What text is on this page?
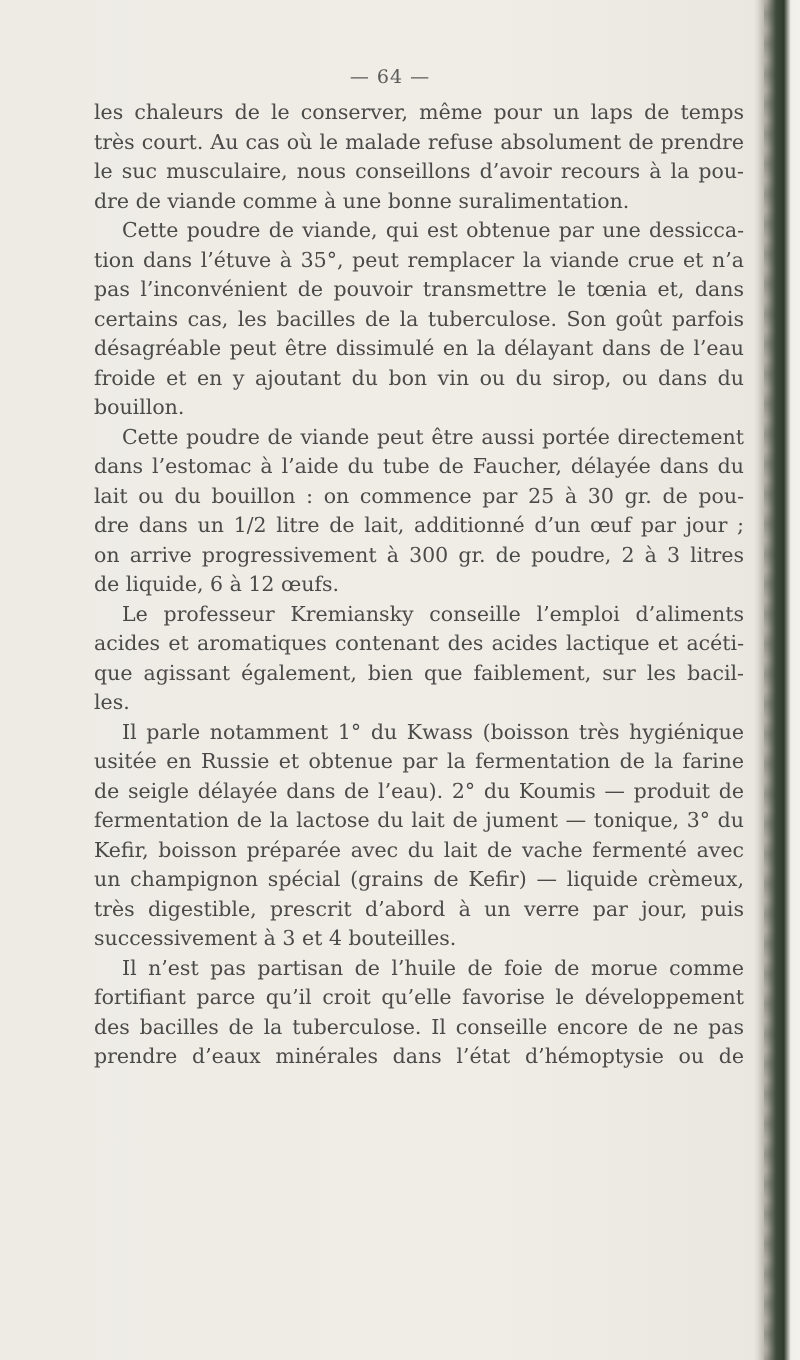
— 64 —
les chaleurs de le conserver, même pour un laps de temps
très court. Au cas où le malade refuse absolument de prendre
le suc musculaire, nous conseillons d’avoir recours à la pou-
dre de viande comme à une bonne suralimentation.
Cette poudre de viande, qui est obtenue par une dessicca-
tion dans l’étuve à 35°, peut remplacer la viande crue et n’a
pas l’inconvénient de pouvoir transmettre le tœnia et, dans
certains cas, les bacilles de la tuberculose. Son goût parfois
désagréable peut être dissimulé en la délayant dans de l’eau
froide et en y ajoutant du bon vin ou du sirop, ou dans du
bouillon.
Cette poudre de viande peut être aussi portée directement
dans l’estomac à l’aide du tube de Faucher, délayée dans du
lait ou du bouillon : on commence par 25 à 30 gr. de pou-
dre dans un 1/2 litre de lait, additionné d’un œuf par jour ;
on arrive progressivement à 300 gr. de poudre, 2 à 3 litres
de liquide, 6 à 12 œufs.
Le professeur Kremiansky conseille l’emploi d’aliments
acides et aromatiques contenant des acides lactique et acéti-
que agissant également, bien que faiblement, sur les bacil-
les.
Il parle notamment 1° du Kwass (boisson très hygiénique
usitée en Russie et obtenue par la fermentation de la farine
de seigle délayée dans de l’eau). 2° du Koumis — produit de
fermentation de la lactose du lait de jument — tonique, 3° du
Kefir, boisson préparée avec du lait de vache fermenté avec
un champignon spécial (grains de Kefir) — liquide crèmeux,
très digestible, prescrit d’abord à un verre par jour, puis
successivement à 3 et 4 bouteilles.
Il n’est pas partisan de l’huile de foie de morue comme
fortifiant parce qu’il croit qu’elle favorise le développement
des bacilles de la tuberculose. Il conseille encore de ne pas
prendre d’eaux minérales dans l’état d’hémoptysie ou de
